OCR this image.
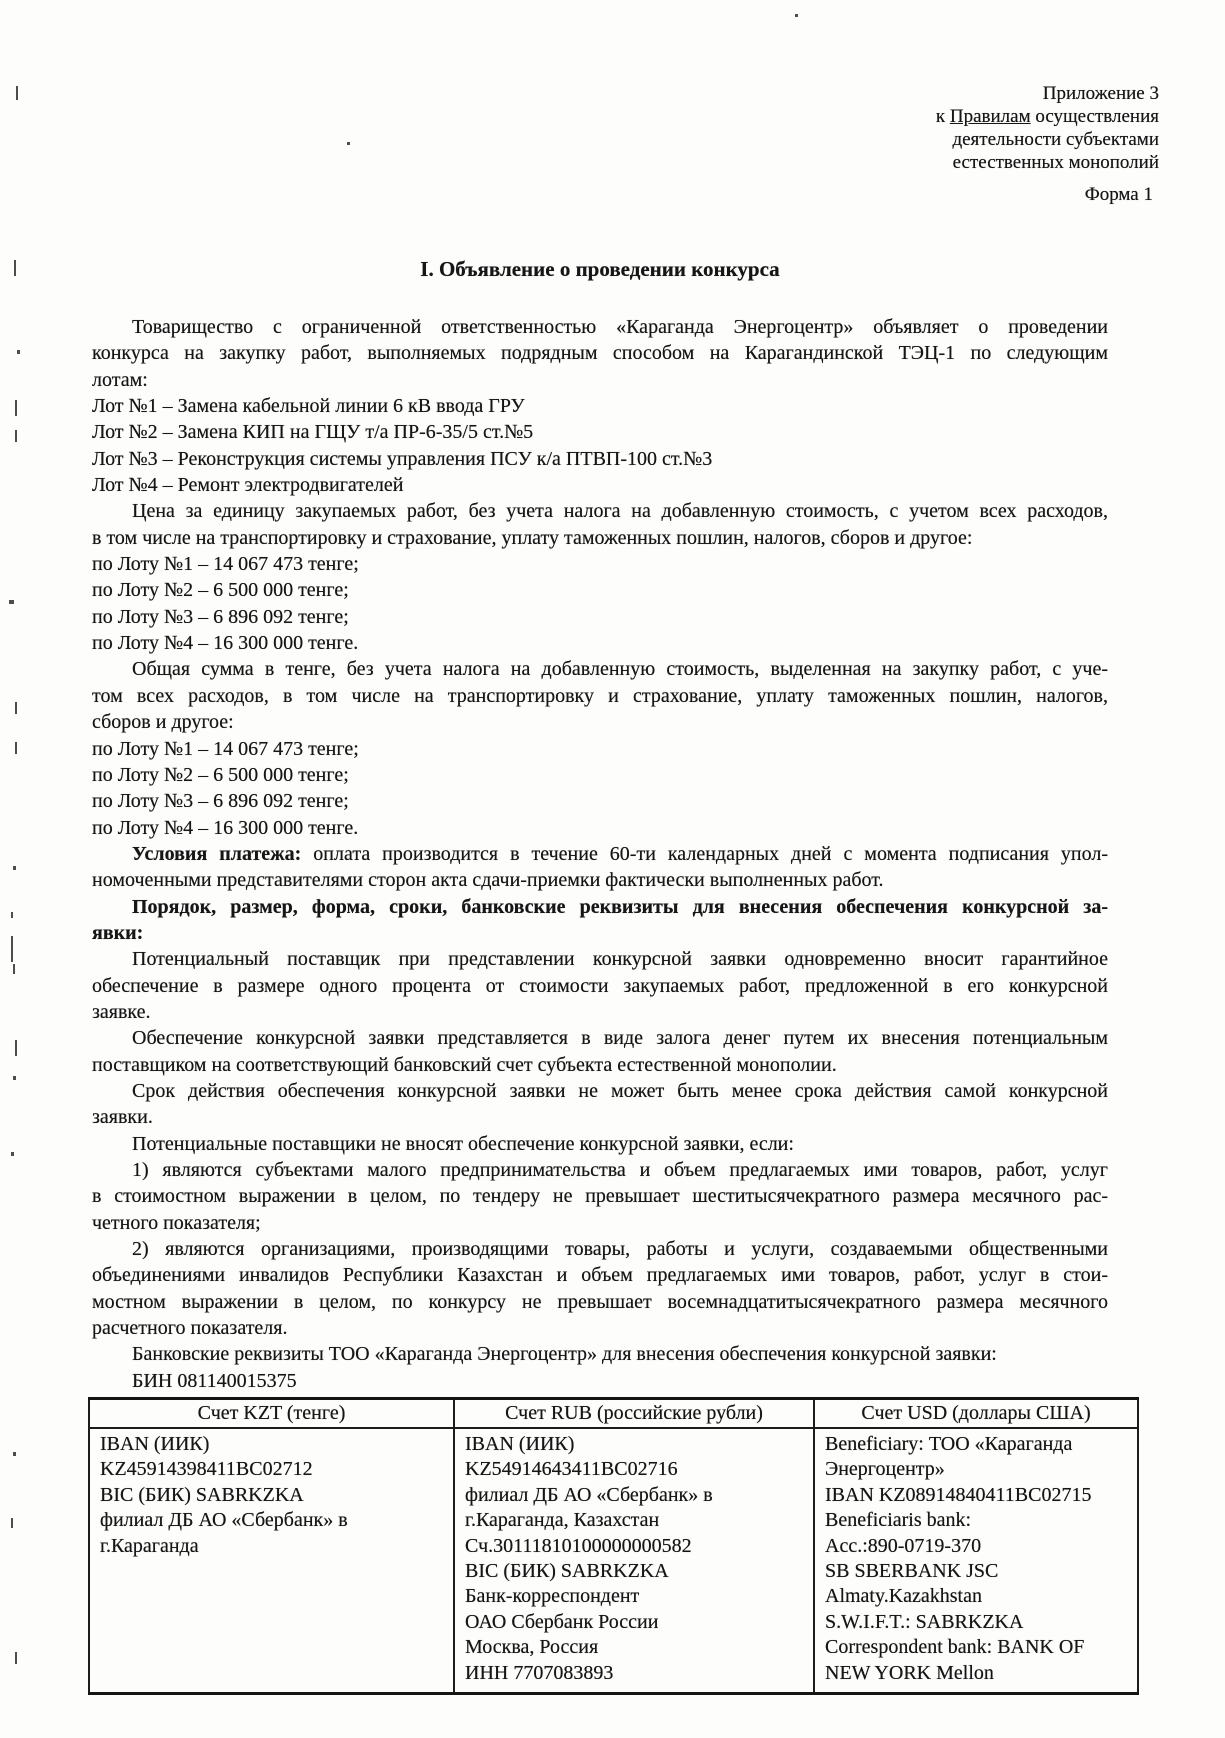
Приложение 3
к Правилам осуществления
деятельности субъектами
естественных монополий
Форма 1
I. Объявление о проведении конкурса
Товарищество с ограниченной ответственностью «Караганда Энергоцентр» объявляет о проведении
конкурса на закупку работ, выполняемых подрядным способом на Карагандинской ТЭЦ-1 по следующим
лотам:
Лот №1 – Замена кабельной линии 6 кВ ввода ГРУ
Лот №2 – Замена КИП на ГЩУ т/а ПР-6-35/5 ст.№5
Лот №3 – Реконструкция системы управления ПСУ к/а ПТВП-100 ст.№3
Лот №4 – Ремонт электродвигателей
Цена за единицу закупаемых работ, без учета налога на добавленную стоимость, с учетом всех расходов,
в том числе на транспортировку и страхование, уплату таможенных пошлин, налогов, сборов и другое:
по Лоту №1 – 14 067 473 тенге;
по Лоту №2 – 6 500 000 тенге;
по Лоту №3 – 6 896 092 тенге;
по Лоту №4 – 16 300 000 тенге.
Общая сумма в тенге, без учета налога на добавленную стоимость, выделенная на закупку работ, с уче-
том всех расходов, в том числе на транспортировку и страхование, уплату таможенных пошлин, налогов,
сборов и другое:
по Лоту №1 – 14 067 473 тенге;
по Лоту №2 – 6 500 000 тенге;
по Лоту №3 – 6 896 092 тенге;
по Лоту №4 – 16 300 000 тенге.
Условия платежа: оплата производится в течение 60-ти календарных дней с момента подписания упол-
номоченными представителями сторон акта сдачи-приемки фактически выполненных работ.
Порядок, размер, форма, сроки, банковские реквизиты для внесения обеспечения конкурсной за-
явки:
Потенциальный поставщик при представлении конкурсной заявки одновременно вносит гарантийное
обеспечение в размере одного процента от стоимости закупаемых работ, предложенной в его конкурсной
заявке.
Обеспечение конкурсной заявки представляется в виде залога денег путем их внесения потенциальным
поставщиком на соответствующий банковский счет субъекта естественной монополии.
Срок действия обеспечения конкурсной заявки не может быть менее срока действия самой конкурсной
заявки.
Потенциальные поставщики не вносят обеспечение конкурсной заявки, если:
1) являются субъектами малого предпринимательства и объем предлагаемых ими товаров, работ, услуг
в стоимостном выражении в целом, по тендеру не превышает шеститысячекратного размера месячного рас-
четного показателя;
2) являются организациями, производящими товары, работы и услуги, создаваемыми общественными
объединениями инвалидов Республики Казахстан и объем предлагаемых ими товаров, работ, услуг в стои-
мостном выражении в целом, по конкурсу не превышает восемнадцатитысячекратного размера месячного
расчетного показателя.
Банковские реквизиты ТОО «Караганда Энергоцентр» для внесения обеспечения конкурсной заявки:
БИН 081140015375
Счет KZT (тенге)	Счет RUB (российские рубли)	Счет USD (доллары США)

IBAN (ИИК)
KZ45914398411BC02712
BIC (БИК) SABRKZKA
филиал ДБ АО «Сбербанк» в
г.Караганда

IBAN (ИИК)
KZ54914643411BC02716
филиал ДБ АО «Сбербанк» в
г.Караганда, Казахстан
Сч.30111810100000000582
BIC (БИК) SABRKZKA
Банк-корреспондент
ОАО Сбербанк России
Москва, Россия
ИНН 7707083893

Beneficiary: ТОО «Караганда
Энергоцентр»
IBAN KZ08914840411BC02715
Beneficiaris bank:
Acc.:890-0719-370
SB SBERBANK JSC
Almaty.Kazakhstan
S.W.I.F.T.: SABRKZKA
Correspondent bank: BANK OF
NEW YORK Mellon
